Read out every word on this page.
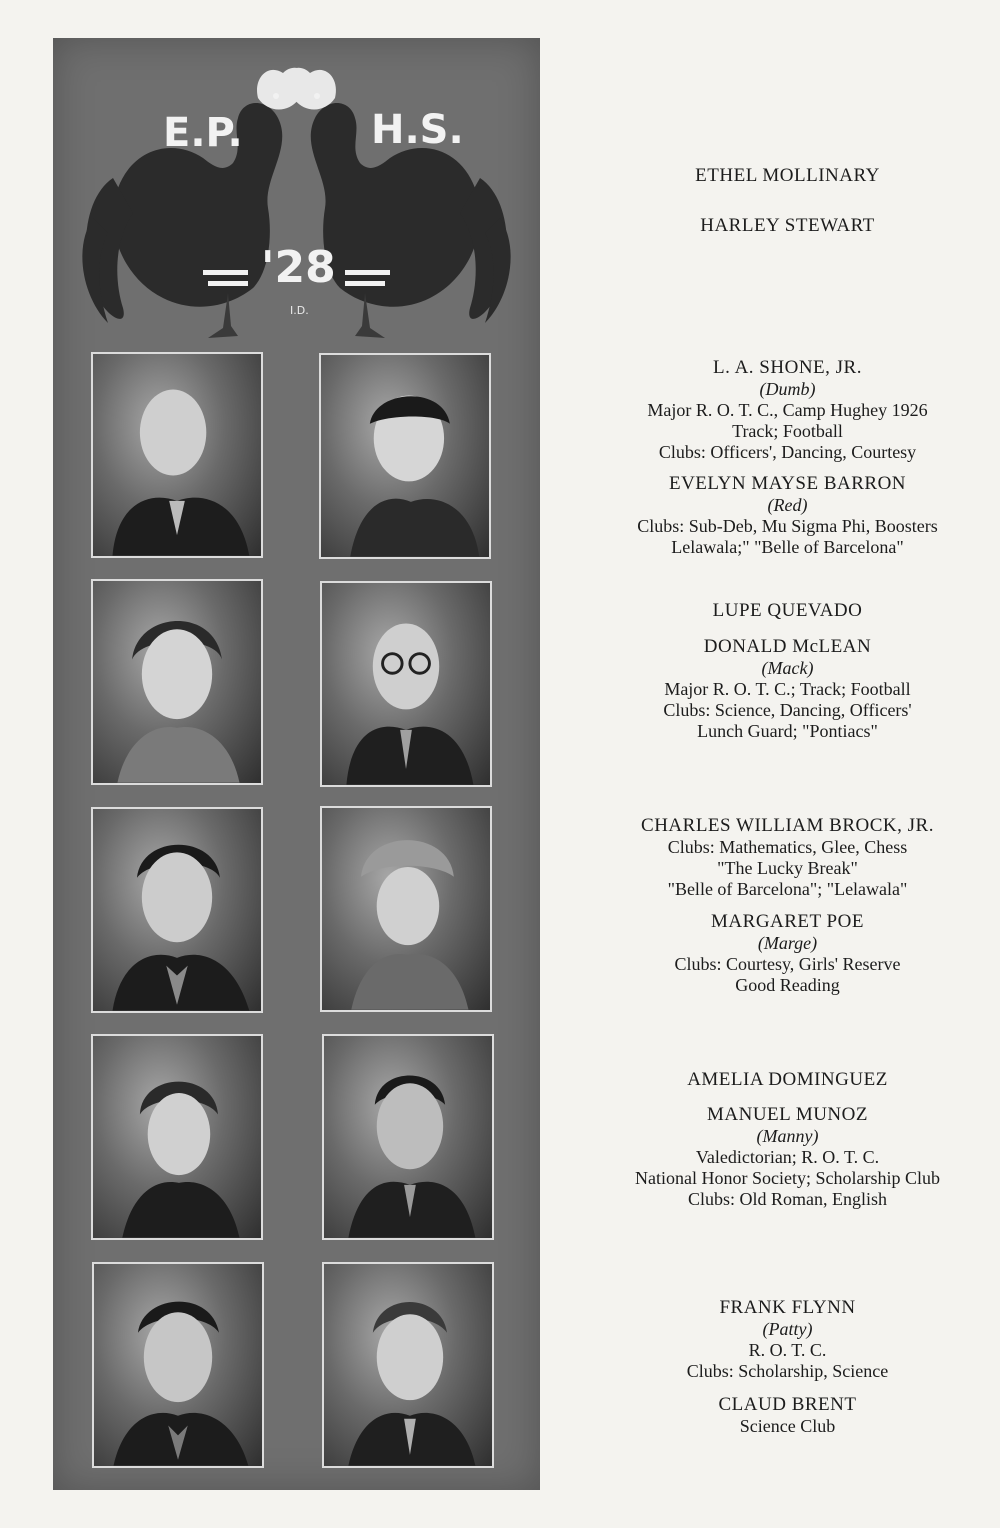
E.P.	H.S.
'28
I.D.
ETHEL MOLLINARY
HARLEY STEWART
L. A. SHONE, JR.
(Dumb)
Major R. O. T. C., Camp Hughey 1926
Track; Football
Clubs: Officers', Dancing, Courtesy
EVELYN MAYSE BARRON
(Red)
Clubs: Sub-Deb, Mu Sigma Phi, Boosters
Lelawala;" "Belle of Barcelona"
LUPE QUEVADO
DONALD McLEAN
(Mack)
Major R. O. T. C.; Track; Football
Clubs: Science, Dancing, Officers'
Lunch Guard; "Pontiacs"
CHARLES WILLIAM BROCK, JR.
Clubs: Mathematics, Glee, Chess
"The Lucky Break"
"Belle of Barcelona"; "Lelawala"
MARGARET POE
(Marge)
Clubs: Courtesy, Girls' Reserve
Good Reading
AMELIA DOMINGUEZ
MANUEL MUNOZ
(Manny)
Valedictorian; R. O. T. C.
National Honor Society; Scholarship Club
Clubs: Old Roman, English
FRANK FLYNN
(Patty)
R. O. T. C.
Clubs: Scholarship, Science
CLAUD BRENT
Science Club
